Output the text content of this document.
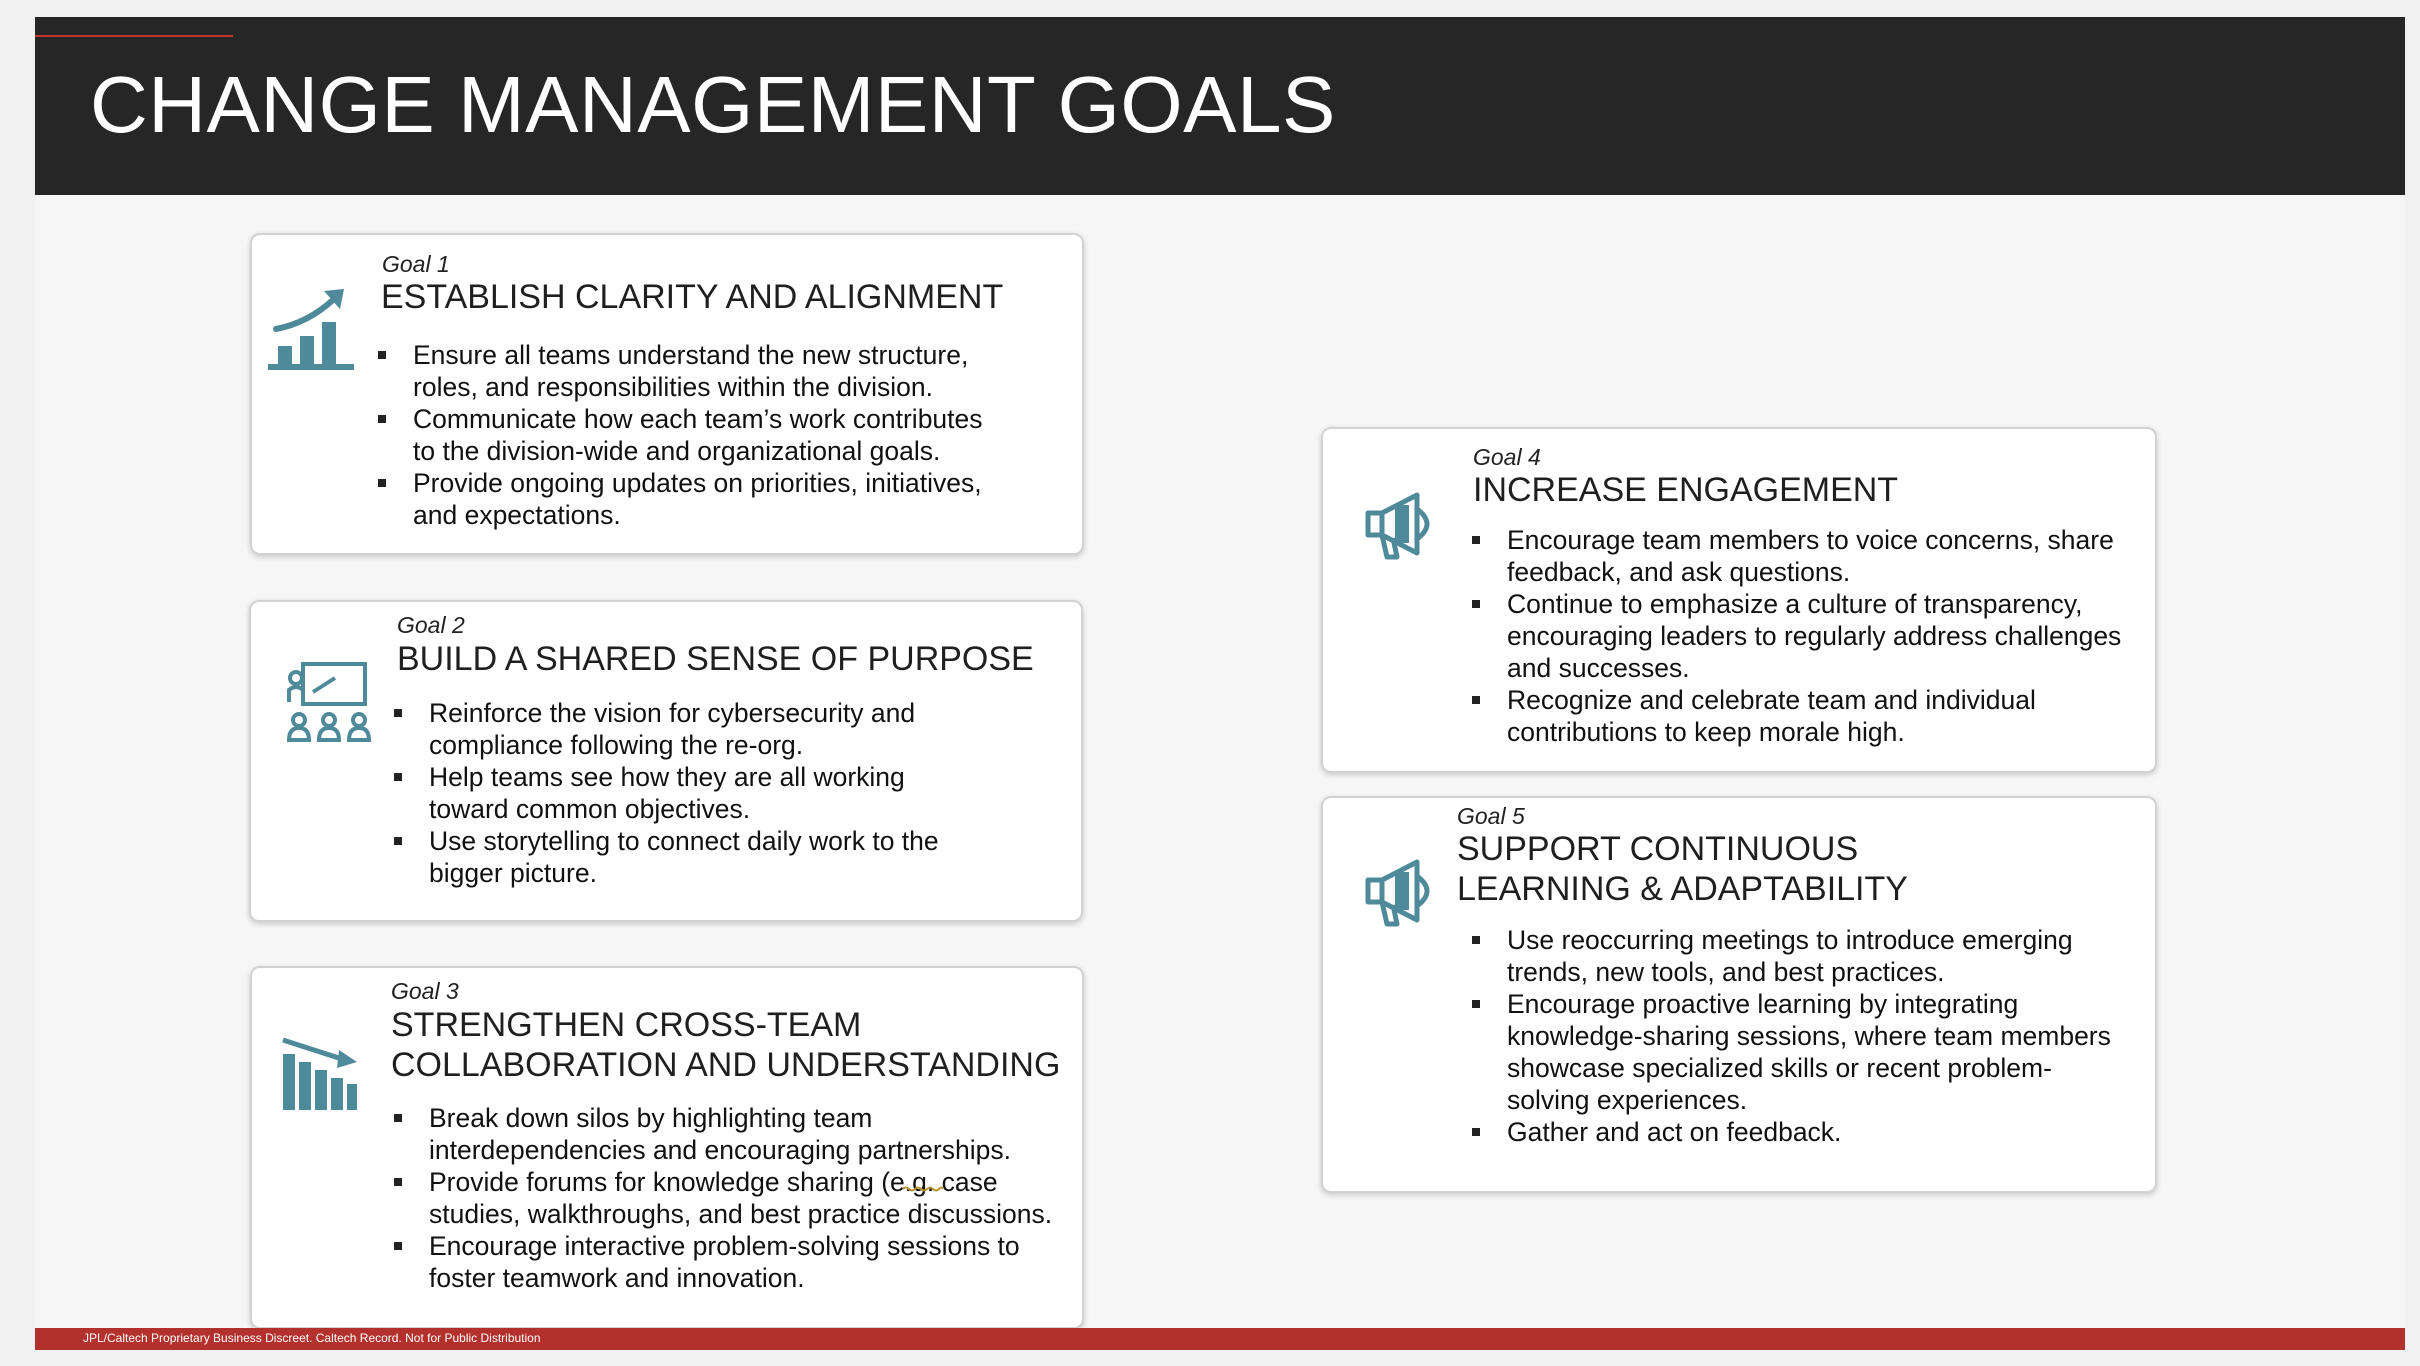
CHANGE MANAGEMENT GOALS
Goal 1
ESTABLISH CLARITY AND ALIGNMENT
Ensure all teams understand the new structure,
roles, and responsibilities within the division.
Communicate how each team’s work contributes
to the division-wide and organizational goals.
Provide ongoing updates on priorities, initiatives,
and expectations.
Goal 2
BUILD A SHARED SENSE OF PURPOSE
Reinforce the vision for cybersecurity and
compliance following the re-org.
Help teams see how they are all working
toward common objectives.
Use storytelling to connect daily work to the
bigger picture.
Goal 3
STRENGTHEN CROSS-TEAM
COLLABORATION AND UNDERSTANDING
Break down silos by highlighting team
interdependencies and encouraging partnerships.
Provide forums for knowledge sharing (e.g. case
studies, walkthroughs, and best practice discussions.
Encourage interactive problem-solving sessions to
foster teamwork and innovation.
Goal 4
INCREASE ENGAGEMENT
Encourage team members to voice concerns, share
feedback, and ask questions.
Continue to emphasize a culture of transparency,
encouraging leaders to regularly address challenges
and successes.
Recognize and celebrate team and individual
contributions to keep morale high.
Goal 5
SUPPORT CONTINUOUS
LEARNING & ADAPTABILITY
Use reoccurring meetings to introduce emerging
trends, new tools, and best practices.
Encourage proactive learning by integrating
knowledge-sharing sessions, where team members
showcase specialized skills or recent problem-
solving experiences.
Gather and act on feedback.
JPL/Caltech Proprietary Business Discreet. Caltech Record. Not for Public Distribution
